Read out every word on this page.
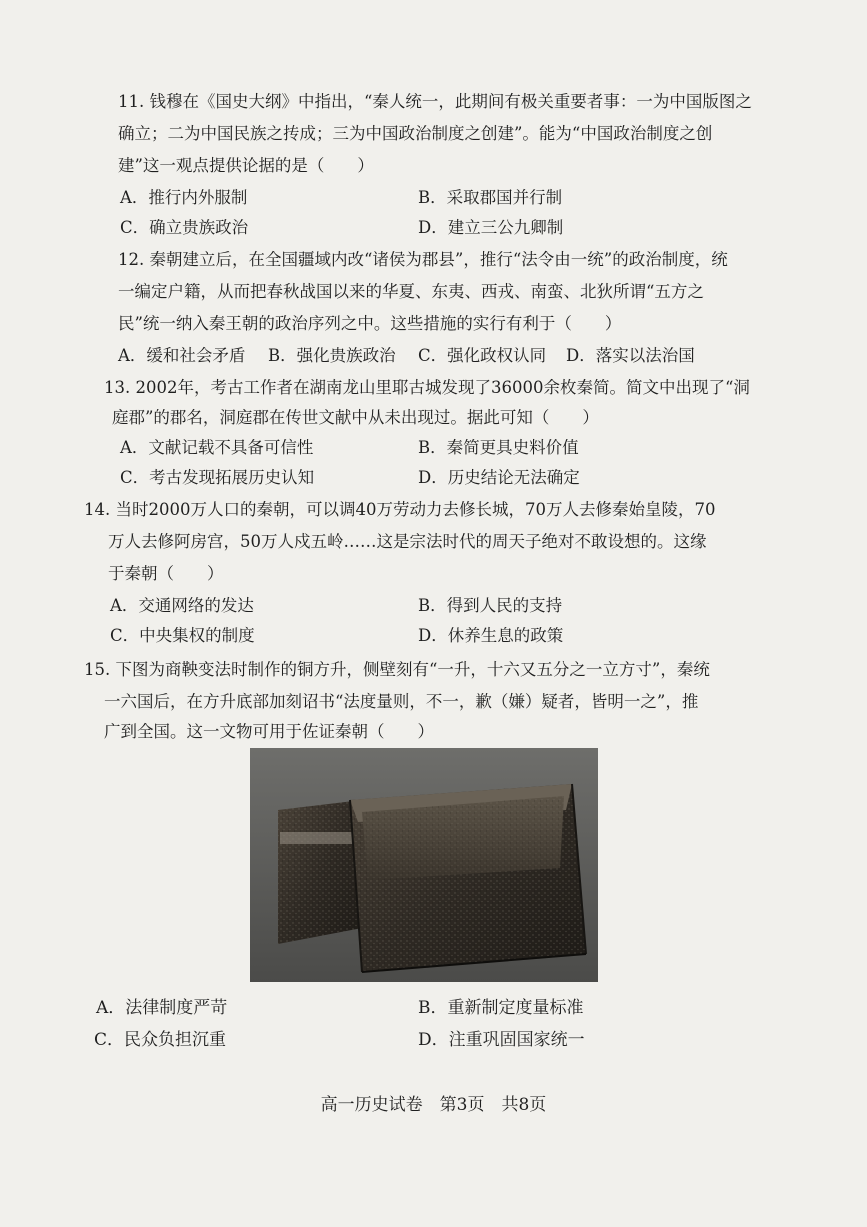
11. 钱穆在《国史大纲》中指出，“秦人统一，此期间有极关重要者事：一为中国版图之
确立；二为中国民族之抟成；三为中国政治制度之创建”。能为“中国政治制度之创
建”这一观点提供论据的是（　　）
A．推行内外服制	B．采取郡国并行制
C．确立贵族政治	D．建立三公九卿制
12. 秦朝建立后，在全国疆域内改“诸侯为郡县”，推行“法令由一统”的政治制度，统
一编定户籍，从而把春秋战国以来的华夏、东夷、西戎、南蛮、北狄所谓“五方之
民”统一纳入秦王朝的政治序列之中。这些措施的实行有利于（　　）
A．缓和社会矛盾 B．强化贵族政治 C．强化政权认同 D．落实以法治国
13. 2002年，考古工作者在湖南龙山里耶古城发现了36000余枚秦简。简文中出现了“洞
庭郡”的郡名，洞庭郡在传世文献中从未出现过。据此可知（　　）
A．文献记载不具备可信性	B．秦简更具史料价值
C．考古发现拓展历史认知	D．历史结论无法确定
14. 当时2000万人口的秦朝，可以调40万劳动力去修长城，70万人去修秦始皇陵，70
万人去修阿房宫，50万人戍五岭……这是宗法时代的周天子绝对不敢设想的。这缘
于秦朝（　　）
A．交通网络的发达	B．得到人民的支持
C．中央集权的制度	D．休养生息的政策
15. 下图为商鞅变法时制作的铜方升，侧壁刻有“一升，十六又五分之一立方寸”，秦统
一六国后，在方升底部加刻诏书“法度量则，不一，歉（嫌）疑者，皆明一之”，推
广到全国。这一文物可用于佐证秦朝（　　）
A．法律制度严苛	B．重新制定度量标准
C．民众负担沉重	D．注重巩固国家统一
高一历史试卷　第3页　共8页
